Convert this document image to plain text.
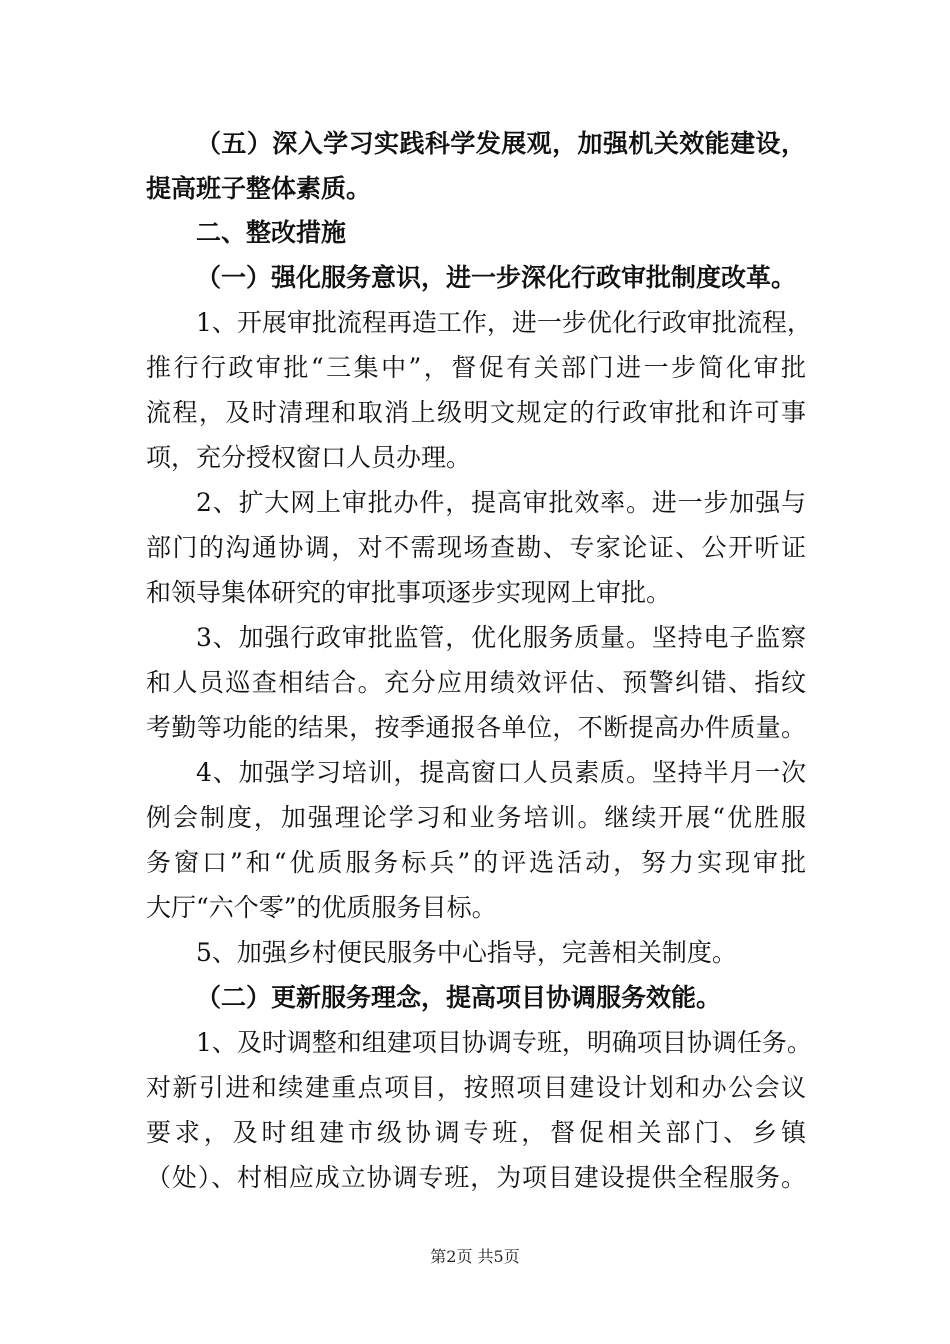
（五）深入学习实践科学发展观，加强机关效能建设，
提高班子整体素质。
二、整改措施
（一）强化服务意识，进一步深化行政审批制度改革。
1、开展审批流程再造工作，进一步优化行政审批流程，
推行行政审批“三集中”，督促有关部门进一步简化审批
流程，及时清理和取消上级明文规定的行政审批和许可事
项，充分授权窗口人员办理。
2、扩大网上审批办件，提高审批效率。进一步加强与
部门的沟通协调，对不需现场查勘、专家论证、公开听证
和领导集体研究的审批事项逐步实现网上审批。
3、加强行政审批监管，优化服务质量。坚持电子监察
和人员巡查相结合。充分应用绩效评估、预警纠错、指纹
考勤等功能的结果，按季通报各单位，不断提高办件质量。
4、加强学习培训，提高窗口人员素质。坚持半月一次
例会制度，加强理论学习和业务培训。继续开展“优胜服
务窗口”和“优质服务标兵”的评选活动，努力实现审批
大厅“六个零”的优质服务目标。
5、加强乡村便民服务中心指导，完善相关制度。
（二）更新服务理念，提高项目协调服务效能。
1、及时调整和组建项目协调专班，明确项目协调任务。
对新引进和续建重点项目，按照项目建设计划和办公会议
要求，及时组建市级协调专班，督促相关部门、乡镇
（处）、村相应成立协调专班，为项目建设提供全程服务。
第2页 共5页
